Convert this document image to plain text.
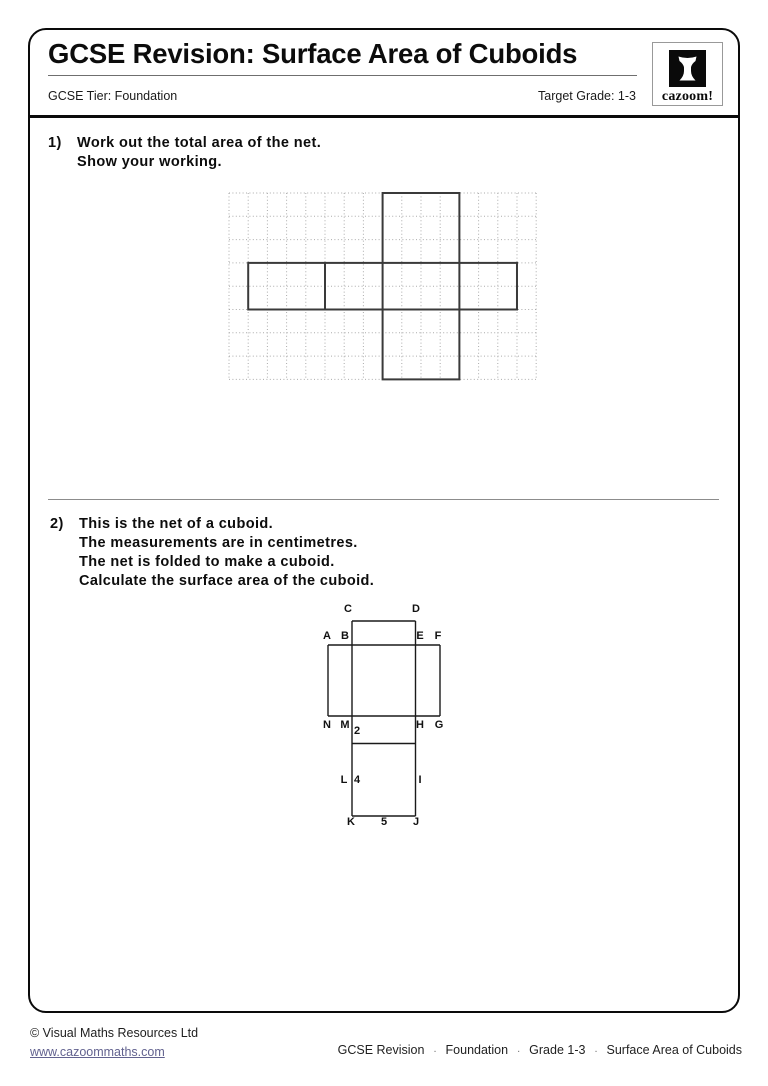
GCSE Revision: Surface Area of Cuboids
GCSE Tier: Foundation	Target Grade: 1-3 cazoom!
1)	Work out the total area of the net.
Show your working.
2)	This is the net of a cuboid.
The measurements are in centimetres.
The net is folded to make a cuboid.
Calculate the surface area of the cuboid.
C	D
A B	E F
N M	H G
2
L 4	I
K 5 J
© Visual Maths Resources Ltd
www.cazoommaths.com	GCSE Revision . Foundation . Grade 1-3 . Surface Area of Cuboids
